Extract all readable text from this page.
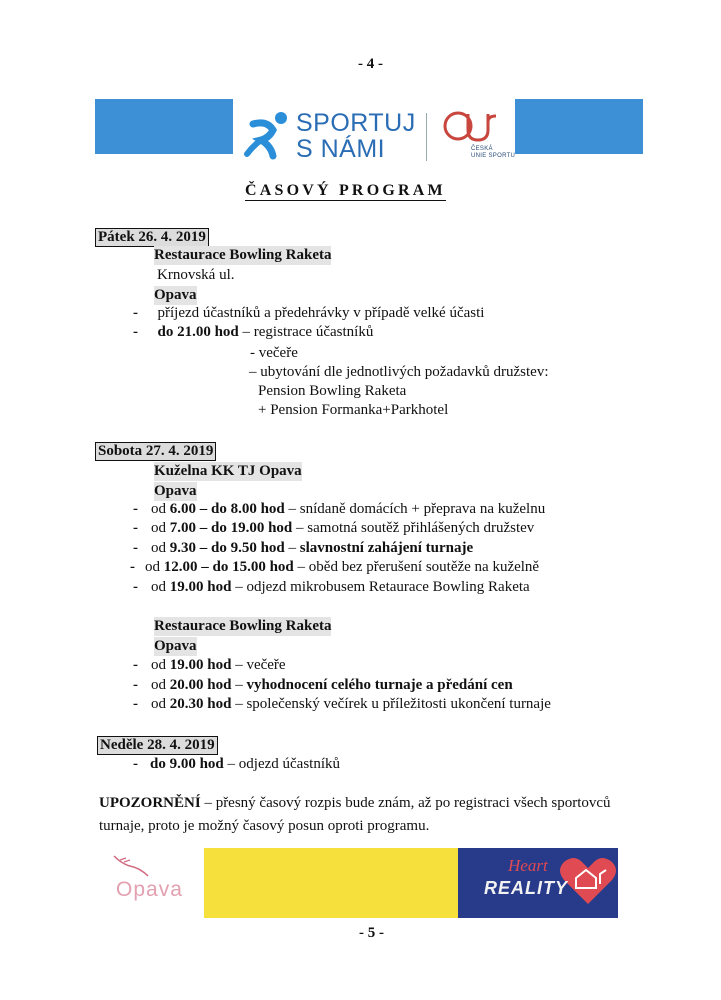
- 4 -
SPORTUJ
S NÁMI	ČESKÁ
UNIE SPORTU
ČASOVÝ PROGRAM
Pátek 26. 4. 2019
Restaurace Bowling Raketa
Krnovská ul.
Opava
- příjezd účastníků a předehrávky v případě velké účasti
- do 21.00 hod – registrace účastníků
- večeře
– ubytování dle jednotlivých požadavků družstev:
Pension Bowling Raketa
+ Pension Formanka+Parkhotel
Sobota 27. 4. 2019
Kuželna KK TJ Opava
Opava
- od 6.00 – do 8.00 hod – snídaně domácích + přeprava na kuželnu
- od 7.00 – do 19.00 hod – samotná soutěž přihlášených družstev
- od 9.30 – do 9.50 hod – slavnostní zahájení turnaje
- od 12.00 – do 15.00 hod – oběd bez přerušení soutěže na kuželně
- od 19.00 hod – odjezd mikrobusem Retaurace Bowling Raketa
Restaurace Bowling Raketa
Opava
- od 19.00 hod – večeře
- od 20.00 hod – vyhodnocení celého turnaje a předání cen
- od 20.30 hod – společenský večírek u příležitosti ukončení turnaje
Neděle 28. 4. 2019
- do 9.00 hod – odjezd účastníků
UPOZORNĚNÍ – přesný časový rozpis bude znám, až po registraci všech sportovců turnaje, proto je možný časový posun oproti programu.
Opava
Heart
REALITY
- 5 -
